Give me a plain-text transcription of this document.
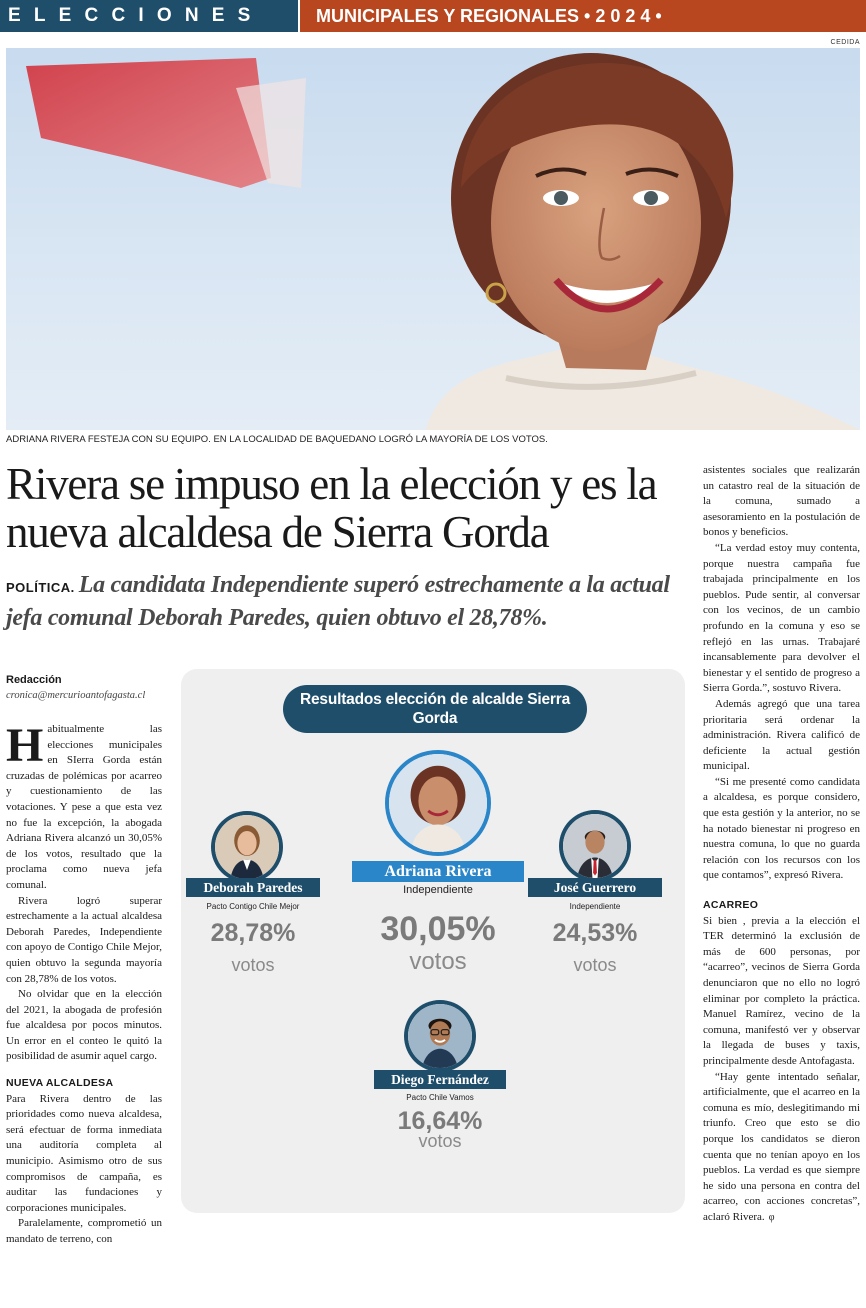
ELECCIONES	MUNICIPALES Y REGIONALES • 2 0 2 4 •
CEDIDA
ADRIANA RIVERA FESTEJA CON SU EQUIPO. EN LA LOCALIDAD DE BAQUEDANO LOGRÓ LA MAYORÍA DE LOS VOTOS.
Rivera se impuso en la elección y es la nueva alcaldesa de Sierra Gorda
POLÍTICA. La candidata Independiente superó estrechamente a la actual jefa comunal Deborah Paredes, quien obtuvo el 28,78%.
Redacción
cronica@mercurioantofagasta.cl

Habitualmente las elecciones municipales en SIerra Gorda están cruzadas de polémicas por acarreo y cuestionamiento de las votaciones. Y pese a que esta vez no fue la excepción, la abogada Adriana Rivera alcanzó un 30,05% de los votos, resultado que la proclama como nueva jefa comunal.

Rivera logró superar estrechamente a la actual alcaldesa Deborah Paredes, Independiente con apoyo de Contigo Chile Mejor, quien obtuvo la segunda mayoría con 28,78% de los votos.

No olvidar que en la elección del 2021, la abogada de profesión fue alcaldesa por pocos minutos. Un error en el conteo le quitó la posibilidad de asumir aquel cargo.

NUEVA ALCALDESA

Para Rivera dentro de las prioridades como nueva alcaldesa, será efectuar de forma inmediata una auditoría completa al municipio. Asimismo otro de sus compromisos de campaña, es auditar las fundaciones y corporaciones municipales.

Paralelamente, comprometió un mandato de terreno, con

asistentes sociales que realizarán un catastro real de la situación de la comuna, sumado a asesoramiento en la postulación de bonos y beneficios.

“La verdad estoy muy contenta, porque nuestra campaña fue trabajada principalmente en los pueblos. Pude sentir, al conversar con los vecinos, de un cambio profundo en la comuna y eso se reflejó en las urnas. Trabajaré incansablemente para devolver el bienestar y el sentido de progreso a Sierra Gorda.”, sostuvo Rivera.

Además agregó que una tarea prioritaria será ordenar la administración. Rivera calificó de deficiente la actual gestión municipal.

“Si me presenté como candidata a alcaldesa, es porque considero, que esta gestión y la anterior, no se ha notado bienestar ni progreso en nuestra comuna, lo que no guarda relación con los recursos con los que contamos”, expresó Rivera.

ACARREO

Si bien , previa a la elección el TER determinó la exclusión de más de 600 personas, por “acarreo”, vecinos de Sierra Gorda denunciaron que no ello no logró eliminar por completo la práctica. Manuel Ramírez, vecino de la comuna, manifestó ver y observar la llegada de buses y taxis, principalmente desde Antofagasta.

“Hay gente intentado señalar, artificialmente, que el acarreo en la comuna es mío, deslegitimando mi triunfo. Creo que esto se dio porque los candidatos se dieron cuenta que no tenían apoyo en los pueblos. La verdad es que siempre he sido una persona en contra del acarreo, con acciones concretas”, aclaró Rivera. φ

Resultados elección de alcalde Sierra Gorda
Adriana Rivera
Independiente
30,05%
votos
Deborah Paredes
Pacto Contigo Chile Mejor
28,78%
votos
José Guerrero
Independiente
24,53%
votos
Diego Fernández
Pacto Chile Vamos
16,64%
votos
